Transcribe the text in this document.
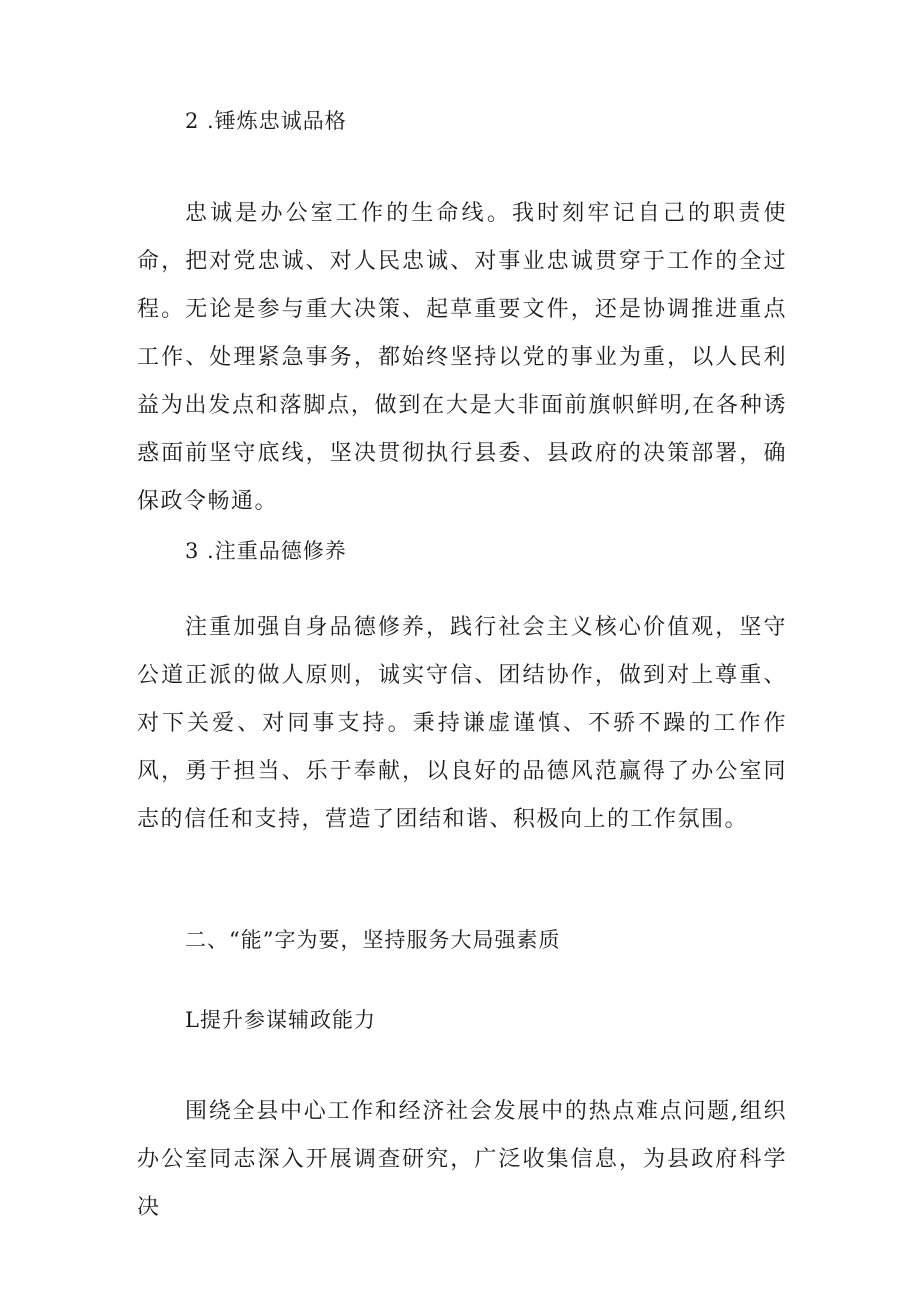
2 .锤炼忠诚品格

忠诚是办公室工作的生命线。我时刻牢记自己的职责使命，把对党忠诚、对人民忠诚、对事业忠诚贯穿于工作的全过程。无论是参与重大决策、起草重要文件，还是协调推进重点工作、处理紧急事务，都始终坚持以党的事业为重，以人民利益为出发点和落脚点，做到在大是大非面前旗帜鲜明,在各种诱惑面前坚守底线，坚决贯彻执行县委、县政府的决策部署，确保政令畅通。

3 .注重品德修养

注重加强自身品德修养，践行社会主义核心价值观，坚守公道正派的做人原则，诚实守信、团结协作，做到对上尊重、对下关爱、对同事支持。秉持谦虚谨慎、不骄不躁的工作作风，勇于担当、乐于奉献，以良好的品德风范赢得了办公室同志的信任和支持，营造了团结和谐、积极向上的工作氛围。

二、“能”字为要，坚持服务大局强素质
L提升参谋辅政能力

围绕全县中心工作和经济社会发展中的热点难点问题,组织办公室同志深入开展调查研究，广泛收集信息，为县政府科学决
